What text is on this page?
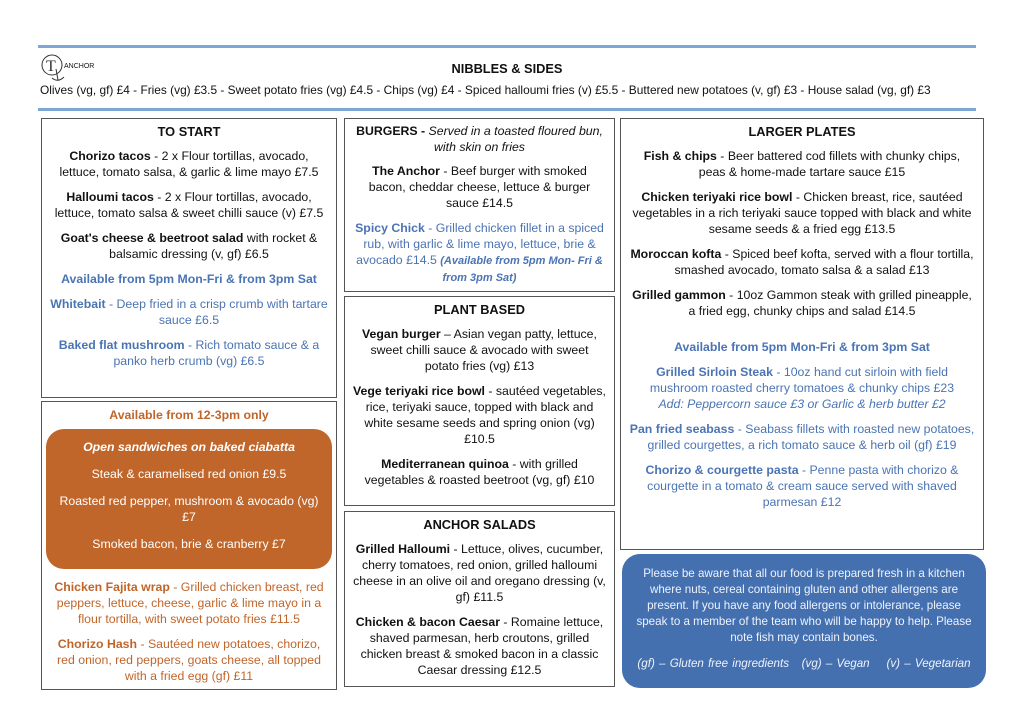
T ANCHOR	NIBBLES & SIDES
Olives (vg, gf) £4 - Fries (vg) £3.5 - Sweet potato fries (vg) £4.5 - Chips (vg) £4 - Spiced halloumi fries (v) £5.5 - Buttered new potatoes (v, gf) £3 - House salad (vg, gf) £3
TO START
Chorizo tacos - 2 x Flour tortillas, avocado, lettuce, tomato salsa, & garlic & lime mayo £7.5
Halloumi tacos - 2 x Flour tortillas, avocado, lettuce, tomato salsa & sweet chilli sauce (v) £7.5
Goat's cheese & beetroot salad with rocket & balsamic dressing (v, gf) £6.5
Available from 5pm Mon-Fri & from 3pm Sat
Whitebait - Deep fried in a crisp crumb with tartare sauce £6.5
Baked flat mushroom - Rich tomato sauce & a panko herb crumb (vg) £6.5
Available from 12-3pm only
Open sandwiches on baked ciabatta
Steak & caramelised red onion £9.5
Roasted red pepper, mushroom & avocado (vg) £7
Smoked bacon, brie & cranberry £7
Chicken Fajita wrap - Grilled chicken breast, red peppers, lettuce, cheese, garlic & lime mayo in a flour tortilla, with sweet potato fries £11.5
Chorizo Hash - Sautéed new potatoes, chorizo, red onion, red peppers, goats cheese, all topped with a fried egg (gf) £11
BURGERS - Served in a toasted floured bun, with skin on fries
The Anchor - Beef burger with smoked bacon, cheddar cheese, lettuce & burger sauce £14.5
Spicy Chick - Grilled chicken fillet in a spiced rub, with garlic & lime mayo, lettuce, brie & avocado £14.5 (Available from 5pm Mon- Fri & from 3pm Sat)
PLANT BASED
Vegan burger – Asian vegan patty, lettuce, sweet chilli sauce & avocado with sweet potato fries (vg) £13
Vege teriyaki rice bowl - sautéed vegetables, rice, teriyaki sauce, topped with black and white sesame seeds and spring onion (vg) £10.5
Mediterranean quinoa - with grilled vegetables & roasted beetroot (vg, gf) £10
ANCHOR SALADS
Grilled Halloumi - Lettuce, olives, cucumber, cherry tomatoes, red onion, grilled halloumi cheese in an olive oil and oregano dressing (v, gf) £11.5
Chicken & bacon Caesar - Romaine lettuce, shaved parmesan, herb croutons, grilled chicken breast & smoked bacon in a classic Caesar dressing £12.5
LARGER PLATES
Fish & chips - Beer battered cod fillets with chunky chips, peas & home-made tartare sauce £15
Chicken teriyaki rice bowl - Chicken breast, rice, sautéed vegetables in a rich teriyaki sauce topped with black and white sesame seeds & a fried egg £13.5
Moroccan kofta - Spiced beef kofta, served with a flour tortilla, smashed avocado, tomato salsa & a salad £13
Grilled gammon - 10oz Gammon steak with grilled pineapple, a fried egg, chunky chips and salad £14.5
Available from 5pm Mon-Fri & from 3pm Sat
Grilled Sirloin Steak - 10oz hand cut sirloin with field mushroom roasted cherry tomatoes & chunky chips £23
Add: Peppercorn sauce £3 or Garlic & herb butter £2
Pan fried seabass - Seabass fillets with roasted new potatoes, grilled courgettes, a rich tomato sauce & herb oil (gf) £19
Chorizo & courgette pasta - Penne pasta with chorizo & courgette in a tomato & cream sauce served with shaved parmesan £12
Please be aware that all our food is prepared fresh in a kitchen where nuts, cereal containing gluten and other allergens are present. If you have any food allergens or intolerance, please speak to a member of the team who will be happy to help. Please note fish may contain bones.
(gf) – Gluten free ingredients (vg) – Vegan (v) – Vegetarian
